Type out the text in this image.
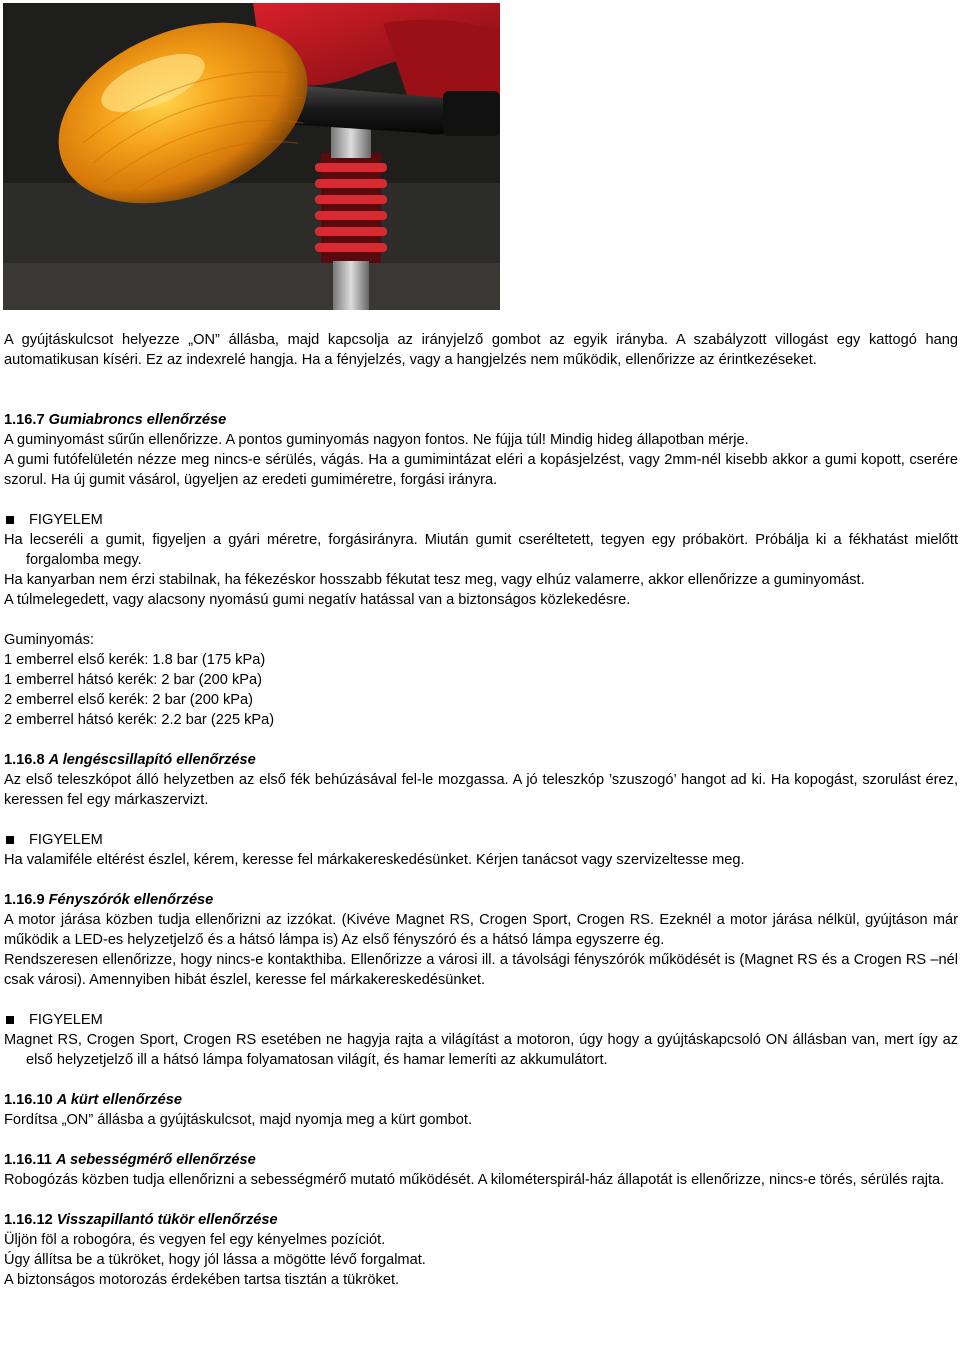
A gyújtáskulcsot helyezze „ON” állásba, majd kapcsolja az irányjelző gombot az egyik irányba. A szabályzott villogást egy kattogó hang automatikusan kíséri. Ez az indexrelé hangja. Ha a fényjelzés, vagy a hangjelzés nem működik, ellenőrizze az érintkezéseket.

1.16.7 Gumiabroncs ellenőrzése

A guminyomást sűrűn ellenőrizze. A pontos guminyomás nagyon fontos. Ne fújja túl! Mindig hideg állapotban mérje.

A gumi futófelületén nézze meg nincs-e sérülés, vágás. Ha a gumimintázat eléri a kopásjelzést, vagy 2mm-nél kisebb akkor a gumi kopott, cserére szorul. Ha új gumit vásárol, ügyeljen az eredeti gumiméretre, forgási irányra.

FIGYELEM

Ha lecseréli a gumit, figyeljen a gyári méretre, forgásirányra. Miután gumit cseréltetett, tegyen egy próbakört. Próbálja ki a fékhatást mielőtt forgalomba megy.

Ha kanyarban nem érzi stabilnak, ha fékezéskor hosszabb fékutat tesz meg, vagy elhúz valamerre, akkor ellenőrizze a guminyomást.

A túlmelegedett, vagy alacsony nyomású gumi negatív hatással van a biztonságos közlekedésre.

Guminyomás:

1 emberrel első kerék: 1.8 bar (175 kPa)

1 emberrel hátsó kerék: 2 bar (200 kPa)

2 emberrel első kerék: 2 bar (200 kPa)

2 emberrel hátsó kerék: 2.2 bar (225 kPa)

1.16.8 A lengéscsillapító ellenőrzése

Az első teleszkópot álló helyzetben az első fék behúzásával fel-le mozgassa. A jó teleszkóp ’szuszogó’ hangot ad ki. Ha kopogást, szorulást érez, keressen fel egy márkaszervizt.

FIGYELEM

Ha valamiféle eltérést észlel, kérem, keresse fel márkakereskedésünket. Kérjen tanácsot vagy szervizeltesse meg.

1.16.9 Fényszórók ellenőrzése

A motor járása közben tudja ellenőrizni az izzókat. (Kivéve Magnet RS, Crogen Sport, Crogen RS. Ezeknél a motor járása nélkül, gyújtáson már működik a LED-es helyzetjelző és a hátsó lámpa is) Az első fényszóró és a hátsó lámpa egyszerre ég.

Rendszeresen ellenőrizze, hogy nincs-e kontakthiba. Ellenőrizze a városi ill. a távolsági fényszórók működését is (Magnet RS és a Crogen RS –nél csak városi). Amennyiben hibát észlel, keresse fel márkakereskedésünket.

FIGYELEM

Magnet RS, Crogen Sport, Crogen RS esetében ne hagyja rajta a világítást a motoron, úgy hogy a gyújtáskapcsoló ON állásban van, mert így az első helyzetjelző ill a hátsó lámpa folyamatosan világít, és hamar lemeríti az akkumulátort.

1.16.10 A kürt ellenőrzése

Fordítsa „ON” állásba a gyújtáskulcsot, majd nyomja meg a kürt gombot.

1.16.11 A sebességmérő ellenőrzése

Robogózás közben tudja ellenőrizni a sebességmérő mutató működését. A kilométerspirál-ház állapotát is ellenőrizze, nincs-e törés, sérülés rajta.

1.16.12 Visszapillantó tükör ellenőrzése

Üljön föl a robogóra, és vegyen fel egy kényelmes pozíciót.

Úgy állítsa be a tükröket, hogy jól lássa a mögötte lévő forgalmat.

A biztonságos motorozás érdekében tartsa tisztán a tükröket.
